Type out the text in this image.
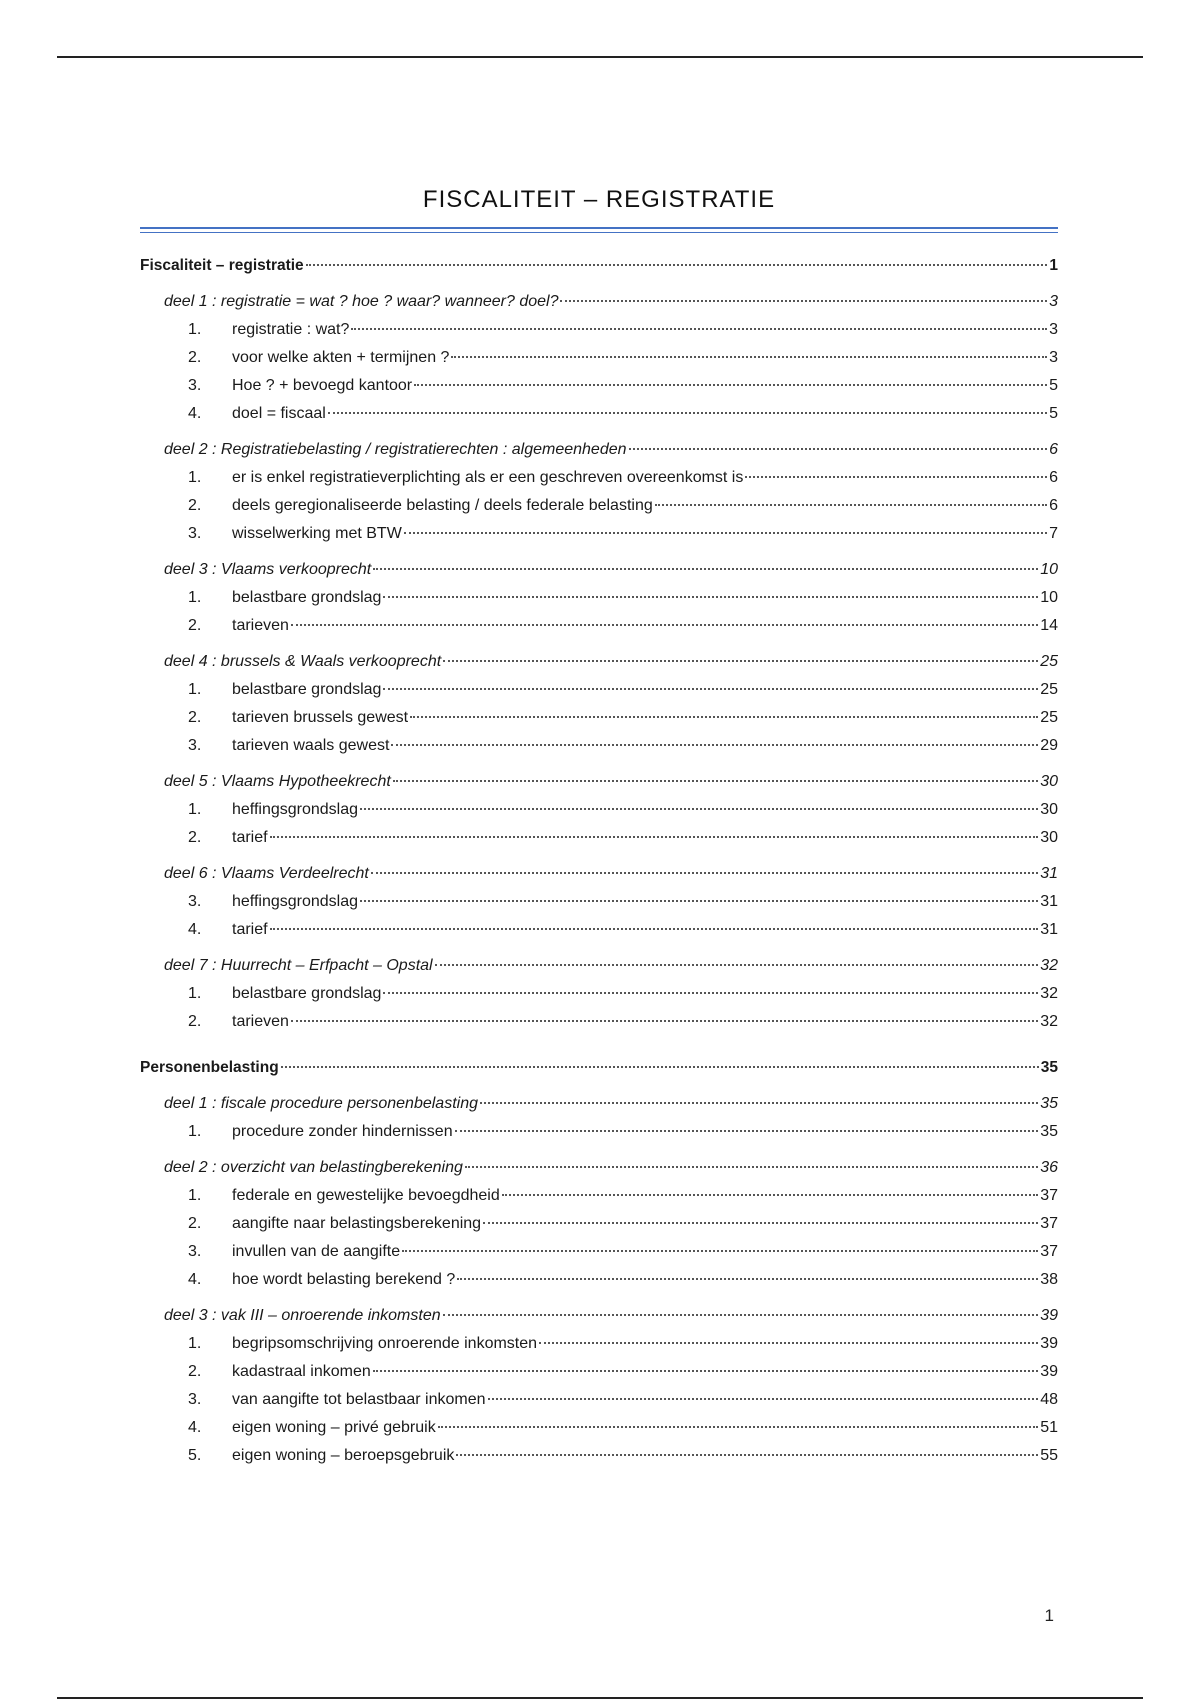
FISCALITEIT – REGISTRATIE
Fiscaliteit – registratie	1
deel 1 : registratie = wat ? hoe ? waar? wanneer? doel?	3
1. registratie : wat?	3
2. voor welke akten + termijnen ?	3
3. Hoe ? + bevoegd kantoor	5
4. doel = fiscaal	5
deel 2 : Registratiebelasting / registratierechten : algemeenheden	6
1. er is enkel registratieverplichting als er een geschreven overeenkomst is	6
2. deels geregionaliseerde belasting / deels federale belasting	6
3. wisselwerking met BTW	7
deel 3 : Vlaams verkooprecht	10
1. belastbare grondslag	10
2. tarieven	14
deel 4 : brussels & Waals verkooprecht	25
1. belastbare grondslag	25
2. tarieven brussels gewest	25
3. tarieven waals gewest	29
deel 5 : Vlaams Hypotheekrecht	30
1. heffingsgrondslag	30
2. tarief	30
deel 6 : Vlaams Verdeelrecht	31
3. heffingsgrondslag	31
4. tarief	31
deel 7 : Huurrecht – Erfpacht – Opstal	32
1. belastbare grondslag	32
2. tarieven	32
Personenbelasting	35
deel 1 : fiscale procedure personenbelasting	35
1. procedure zonder hindernissen	35
deel 2 : overzicht van belastingberekening	36
1. federale en gewestelijke bevoegdheid	37
2. aangifte naar belastingsberekening	37
3. invullen van de aangifte	37
4. hoe wordt belasting berekend ?	38
deel 3 : vak III – onroerende inkomsten	39
1. begripsomschrijving onroerende inkomsten	39
2. kadastraal inkomen	39
3. van aangifte tot belastbaar inkomen	48
4. eigen woning – privé gebruik	51
5. eigen woning – beroepsgebruik	55
1
